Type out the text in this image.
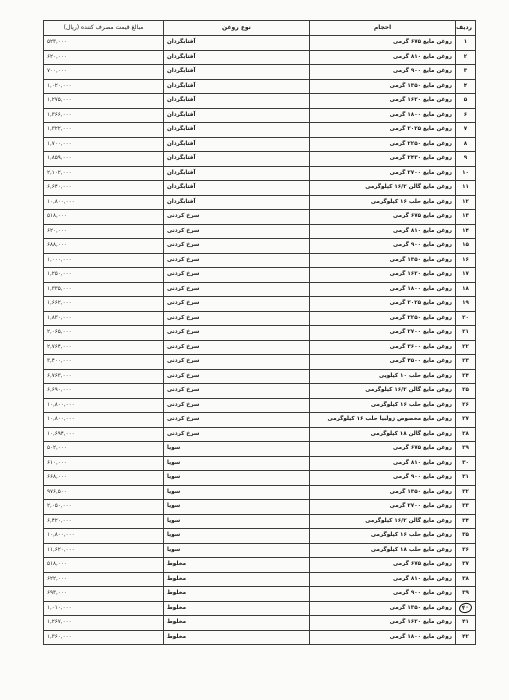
ردیف	احجام	نوع روغن	مبالغ قیمت مصرف کننده (ریال)
۱	روغن مایع ۶۷۵ گرمی	آفتابگردان	۵۲۳,۰۰۰
۲	روغن مایع ۸۱۰ گرمی	آفتابگردان	۶۲۰,۰۰۰
۳	روغن مایع ۹۰۰ گرمی	آفتابگردان	۷۰۰,۰۰۰
۴	روغن مایع ۱۳۵۰ گرمی	آفتابگردان	۱,۰۲۰,۰۰۰
۵	روغن مایع ۱۶۲۰ گرمی	آفتابگردان	۱,۲۷۵,۰۰۰
۶	روغن مایع ۱۸۰۰ گرمی	آفتابگردان	۱,۳۶۶,۰۰۰
۷	روغن مایع ۲۰۲۵ گرمی	آفتابگردان	۱,۳۲۲,۰۰۰
۸	روغن مایع ۲۲۵۰ گرمی	آفتابگردان	۱,۷۰۰,۰۰۰
۹	روغن مایع ۲۴۳۰ گرمی	آفتابگردان	۱,۸۵۹,۰۰۰
۱۰	روغن مایع ۲۷۰۰ گرمی	آفتابگردان	۲,۱۰۲,۰۰۰
۱۱	روغن مایع گالن ۱۶/۲ کیلوگرمی	آفتابگردان	۶,۶۴۰,۰۰۰
۱۲	روغن مایع حلب ۱۶ کیلوگرمی	آفتابگردان	۱۰,۸۰۰,۰۰۰
۱۳	روغن مایع ۶۷۵ گرمی	سرخ کردنی	۵۱۸,۰۰۰
۱۴	روغن مایع ۸۱۰ گرمی	سرخ کردنی	۶۲۰,۰۰۰
۱۵	روغن مایع ۹۰۰ گرمی	سرخ کردنی	۶۸۸,۰۰۰
۱۶	روغن مایع ۱۳۵۰ گرمی	سرخ کردنی	۱,۰۰۰,۰۰۰
۱۷	روغن مایع ۱۶۲۰ گرمی	سرخ کردنی	۱,۲۵۰,۰۰۰
۱۸	روغن مایع ۱۸۰۰ گرمی	سرخ کردنی	۱,۳۳۵,۰۰۰
۱۹	روغن مایع ۲۰۲۵ گرمی	سرخ کردنی	۱,۶۶۲,۰۰۰
۲۰	روغن مایع ۲۲۵۰ گرمی	سرخ کردنی	۱,۸۳۰,۰۰۰
۲۱	روغن مایع ۲۷۰۰ گرمی	سرخ کردنی	۲,۰۶۵,۰۰۰
۲۲	روغن مایع ۳۶۰۰ گرمی	سرخ کردنی	۲,۷۶۴,۰۰۰
۲۳	روغن مایع ۴۵۰۰ گرمی	سرخ کردنی	۳,۴۰۰,۰۰۰
۲۴	روغن مایع حلب ۱۰ کیلویی	سرخ کردنی	۶,۷۶۳,۰۰۰
۲۵	روغن مایع گالن ۱۶/۲ کیلوگرمی	سرخ کردنی	۶,۶۹۰,۰۰۰
۲۶	روغن مایع حلب ۱۶ کیلوگرمی	سرخ کردنی	۱۰,۸۰۰,۰۰۰
۲۷	روغن مایع مخصوص زولبیا حلب ۱۶ کیلوگرمی	سرخ کردنی	۱۰,۸۰۰,۰۰۰
۲۸	روغن مایع گالن ۱۸ کیلوگرمی	سرخ کردنی	۱۰,۶۹۴,۰۰۰
۲۹	روغن مایع ۶۷۵ گرمی	سویا	۵۰۲,۰۰۰
۳۰	روغن مایع ۸۱۰ گرمی	سویا	۶۱۰,۰۰۰
۳۱	روغن مایع ۹۰۰ گرمی	سویا	۶۶۸,۰۰۰
۳۲	روغن مایع ۱۳۵۰ گرمی	سویا	۹۷۶,۵۰۰
۳۳	روغن مایع ۲۷۰۰ گرمی	سویا	۲,۰۵۰,۰۰۰
۳۴	روغن مایع گالن ۱۶/۲ کیلوگرمی	سویا	۶,۴۲۰,۰۰۰
۳۵	روغن مایع حلب ۱۶ کیلوگرمی	سویا	۱۰,۸۰۰,۰۰۰
۳۶	روغن مایع حلب ۱۸ کیلوگرمی	سویا	۱۱,۶۲۰,۰۰۰
۳۷	روغن مایع ۶۷۵ گرمی	مخلوط	۵۱۸,۰۰۰
۳۸	روغن مایع ۸۱۰ گرمی	مخلوط	۶۲۲,۰۰۰
۳۹	روغن مایع ۹۰۰ گرمی	مخلوط	۶۹۳,۰۰۰
۴۰	روغن مایع ۱۳۵۰ گرمی	مخلوط	۱,۰۱۰,۰۰۰
۴۱	روغن مایع ۱۶۲۰ گرمی	مخلوط	۱,۲۶۷,۰۰۰
۴۲	روغن مایع ۱۸۰۰ گرمی	مخلوط	۱,۳۶۰,۰۰۰
